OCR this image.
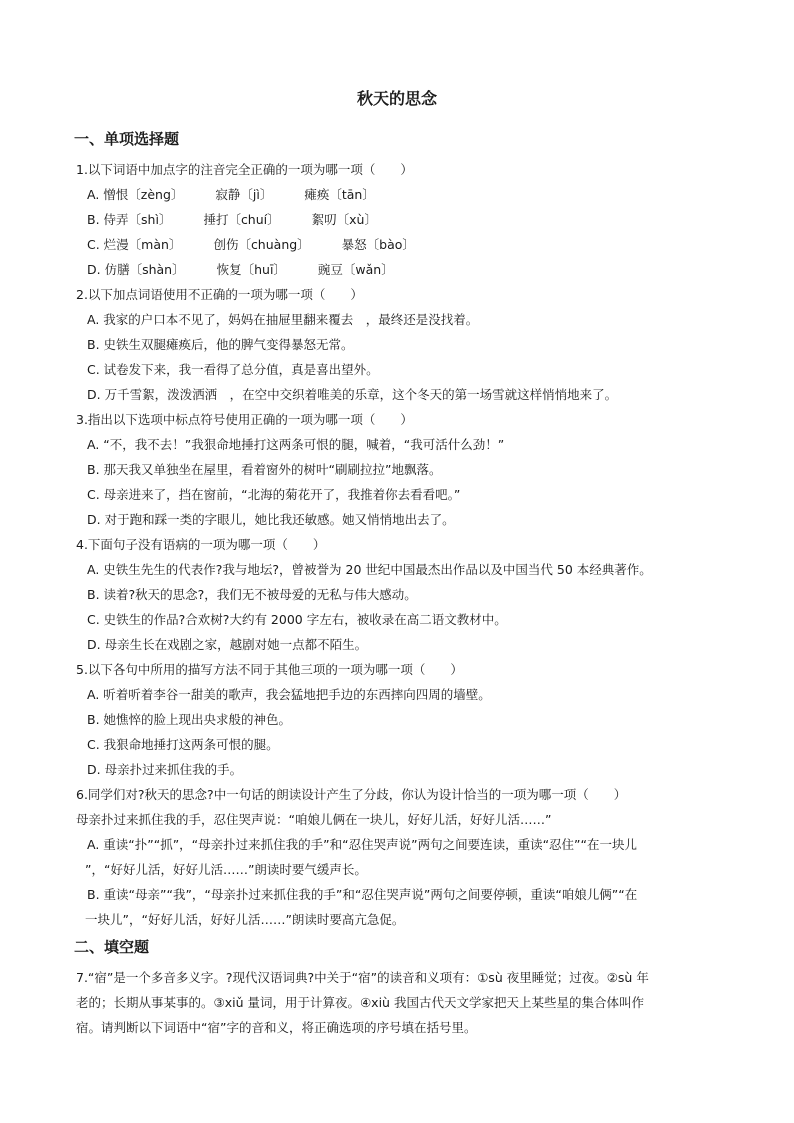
秋天的思念
一、单项选择题
1.以下词语中加点字的注音完全正确的一项为哪一项（　　）
A. 憎恨〔zèng〕	寂静〔jì〕	瘫痪〔tān〕
B. 侍弄〔shì〕	捶打〔chuí〕	絮叨〔xù〕
C. 烂漫〔màn〕	创伤〔chuàng〕	暴怒〔bào〕
D. 仿膳〔shàn〕	恢复〔huī〕	豌豆〔wǎn〕
2.以下加点词语使用不正确的一项为哪一项（　　）
A. 我家的户口本不见了，妈妈在抽屉里翻来覆去　，最终还是没找着。
B. 史铁生双腿瘫痪后，他的脾气变得暴怒无常。
C. 试卷发下来，我一看得了总分值，真是喜出望外。
D. 万千雪絮，泼泼洒洒　，在空中交织着唯美的乐章，这个冬天的第一场雪就这样悄悄地来了。
3.指出以下选项中标点符号使用正确的一项为哪一项（　　）
A. “不，我不去！”我狠命地捶打这两条可恨的腿，喊着，“我可活什么劲！”
B. 那天我又单独坐在屋里，看着窗外的树叶“刷刷拉拉”地飘落。
C. 母亲进来了，挡在窗前，“北海的菊花开了，我推着你去看看吧。”
D. 对于跑和踩一类的字眼儿，她比我还敏感。她又悄悄地出去了。
4.下面句子没有语病的一项为哪一项（　　）
A. 史铁生先生的代表作?我与地坛?，曾被誉为 20 世纪中国最杰出作品以及中国当代 50 本经典著作。
B. 读着?秋天的思念?，我们无不被母爱的无私与伟大感动。
C. 史铁生的作品?合欢树?大约有 2000 字左右，被收录在高二语文教材中。
D. 母亲生长在戏剧之家，越剧对她一点都不陌生。
5.以下各句中所用的描写方法不同于其他三项的一项为哪一项（　　）
A. 听着听着李谷一甜美的歌声，我会猛地把手边的东西摔向四周的墙壁。
B. 她憔悴的脸上现出央求般的神色。
C. 我狠命地捶打这两条可恨的腿。
D. 母亲扑过来抓住我的手。
6.同学们对?秋天的思念?中一句话的朗读设计产生了分歧，你认为设计恰当的一项为哪一项（　　）
母亲扑过来抓住我的手，忍住哭声说：“咱娘儿俩在一块儿，好好儿活，好好儿活……”
A. 重读“扑”“抓”，“母亲扑过来抓住我的手”和“忍住哭声说”两句之间要连读，重读“忍住”“在一块儿
”，“好好儿活，好好儿活……”朗读时要气缓声长。
B. 重读“母亲”“我”，“母亲扑过来抓住我的手”和“忍住哭声说”两句之间要停顿，重读“咱娘儿俩”“在
一块儿”，“好好儿活，好好儿活……”朗读时要高亢急促。
二、填空题
7.“宿”是一个多音多义字。?现代汉语词典?中关于“宿”的读音和义项有：①sù 夜里睡觉；过夜。②sù 年
老的；长期从事某事的。③xiǔ 量词，用于计算夜。④xiù 我国古代天文学家把天上某些星的集合体叫作
宿。请判断以下词语中“宿”字的音和义，将正确选项的序号填在括号里。
